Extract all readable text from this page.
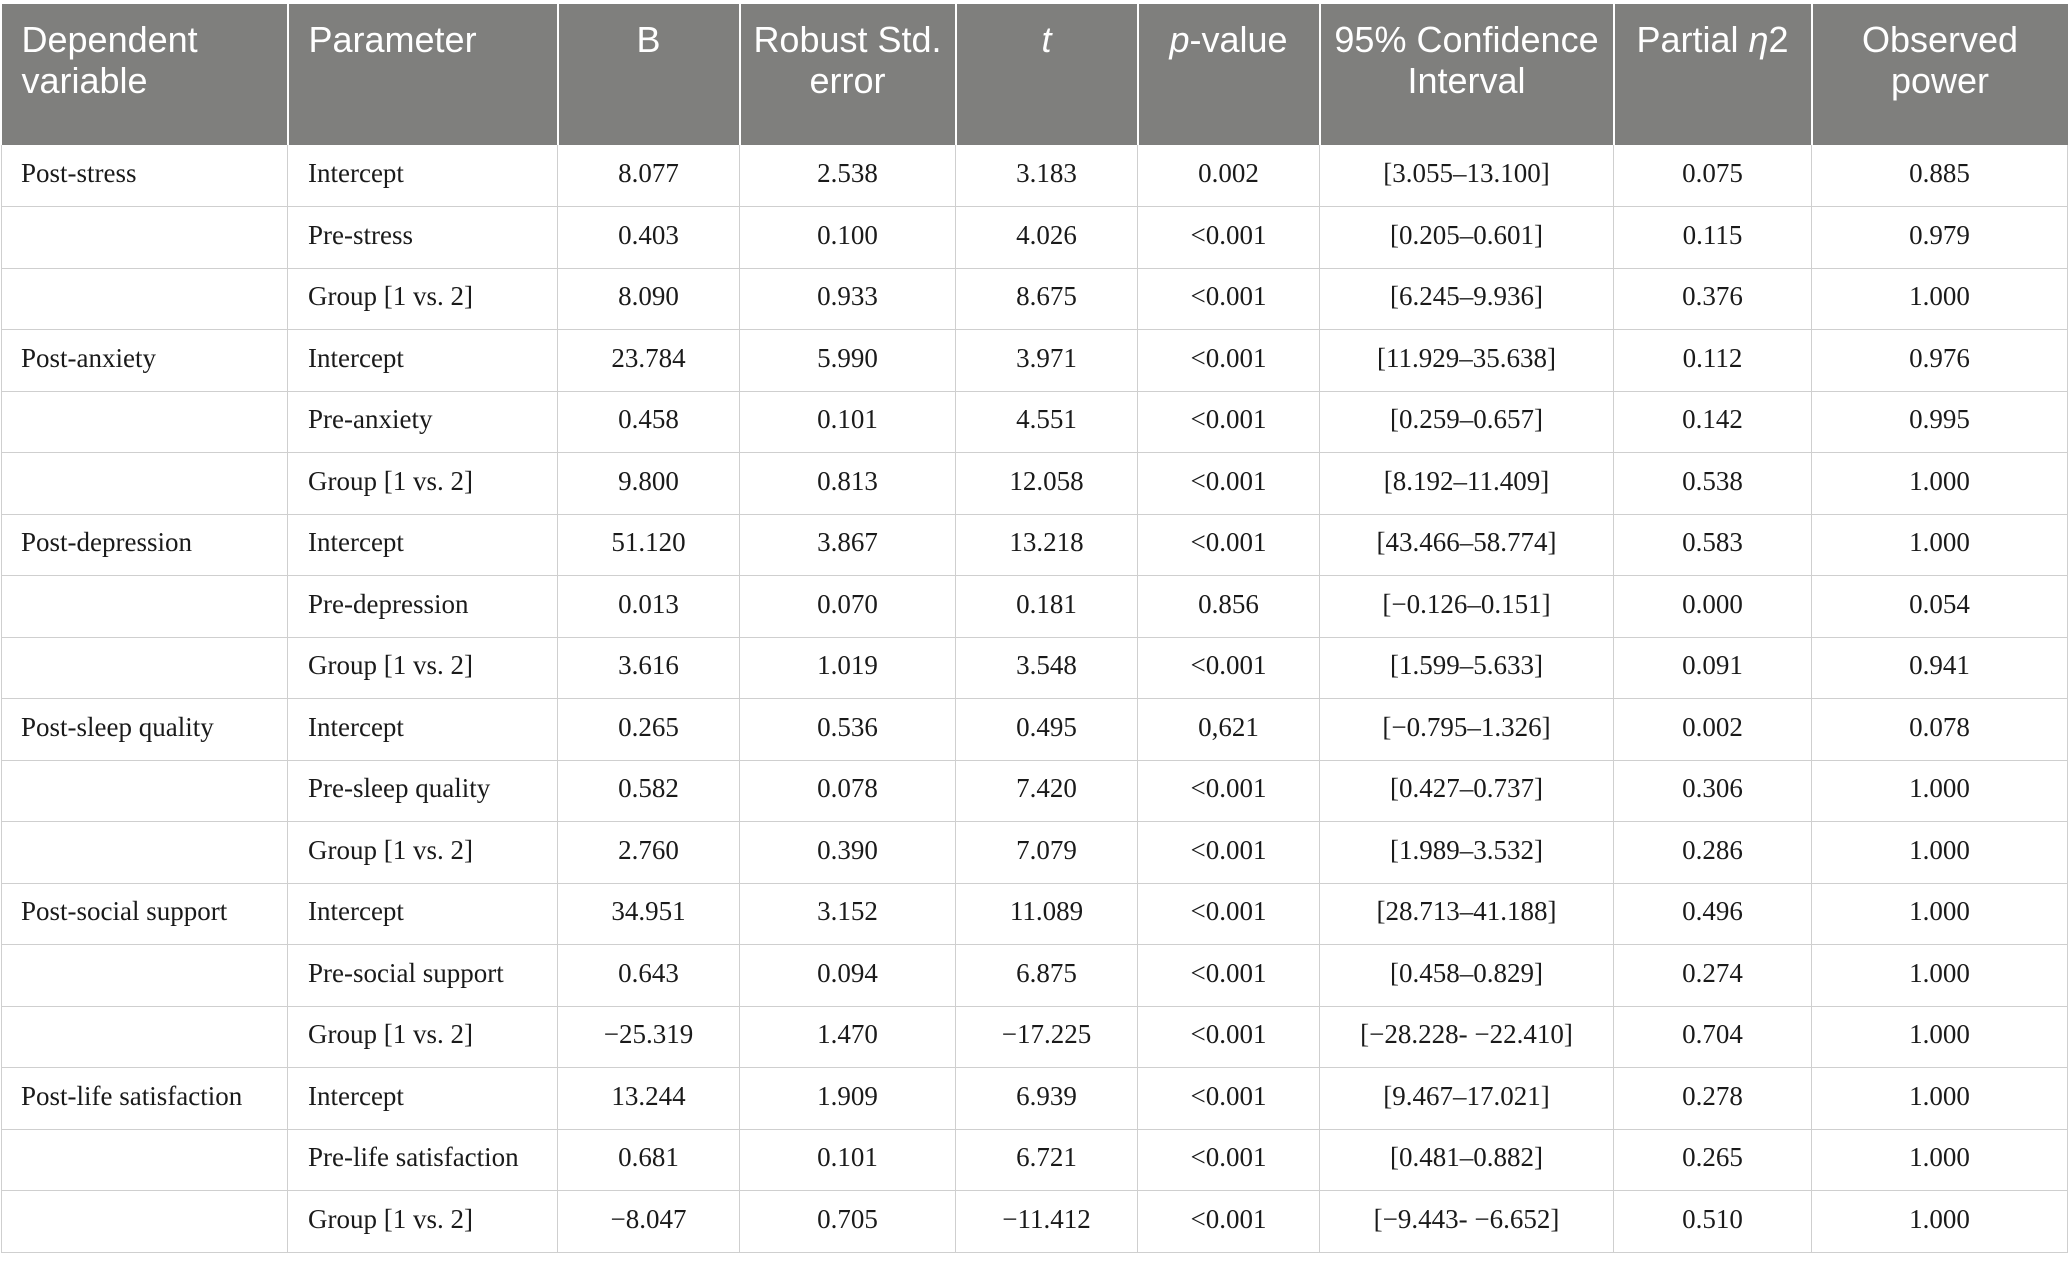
Dependent variable	Parameter	B	Robust Std. error	t	p-value	95% Confidence Interval	Partial η2	Observed power
Post-stress	Intercept	8.077	2.538	3.183	0.002	[3.055–13.100]	0.075	0.885
	Pre-stress	0.403	0.100	4.026	<0.001	[0.205–0.601]	0.115	0.979
	Group [1 vs. 2]	8.090	0.933	8.675	<0.001	[6.245–9.936]	0.376	1.000
Post-anxiety	Intercept	23.784	5.990	3.971	<0.001	[11.929–35.638]	0.112	0.976
	Pre-anxiety	0.458	0.101	4.551	<0.001	[0.259–0.657]	0.142	0.995
	Group [1 vs. 2]	9.800	0.813	12.058	<0.001	[8.192–11.409]	0.538	1.000
Post-depression	Intercept	51.120	3.867	13.218	<0.001	[43.466–58.774]	0.583	1.000
	Pre-depression	0.013	0.070	0.181	0.856	[−0.126–0.151]	0.000	0.054
	Group [1 vs. 2]	3.616	1.019	3.548	<0.001	[1.599–5.633]	0.091	0.941
Post-sleep quality	Intercept	0.265	0.536	0.495	0,621	[−0.795–1.326]	0.002	0.078
	Pre-sleep quality	0.582	0.078	7.420	<0.001	[0.427–0.737]	0.306	1.000
	Group [1 vs. 2]	2.760	0.390	7.079	<0.001	[1.989–3.532]	0.286	1.000
Post-social support	Intercept	34.951	3.152	11.089	<0.001	[28.713–41.188]	0.496	1.000
	Pre-social support	0.643	0.094	6.875	<0.001	[0.458–0.829]	0.274	1.000
	Group [1 vs. 2]	−25.319	1.470	−17.225	<0.001	[−28.228- −22.410]	0.704	1.000
Post-life satisfaction	Intercept	13.244	1.909	6.939	<0.001	[9.467–17.021]	0.278	1.000
	Pre-life satisfaction	0.681	0.101	6.721	<0.001	[0.481–0.882]	0.265	1.000
	Group [1 vs. 2]	−8.047	0.705	−11.412	<0.001	[−9.443- −6.652]	0.510	1.000
